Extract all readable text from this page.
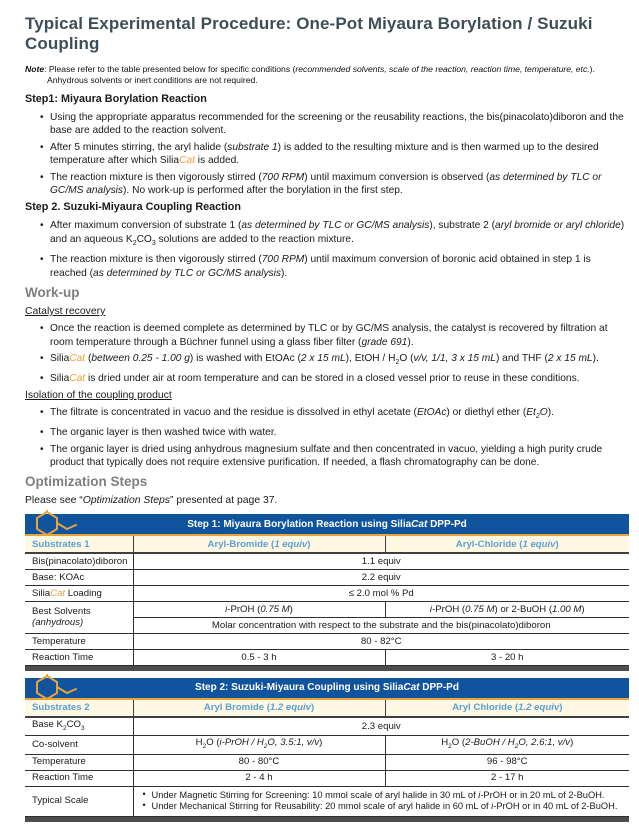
Typical Experimental Procedure: One-Pot Miyaura Borylation / Suzuki Coupling
Note: Please refer to the table presented below for specific conditions (recommended solvents, scale of the reaction, reaction time, temperature, etc.).
Anhydrous solvents or inert conditions are not required.
Step1: Miyaura Borylation Reaction
• Using the appropriate apparatus recommended for the screening or the reusability reactions, the bis(pinacolato)diboron and the base are added to the reaction solvent.
• After 5 minutes stirring, the aryl halide (substrate 1) is added to the resulting mixture and is then warmed up to the desired temperature after which SiliaCat is added.
• The reaction mixture is then vigorously stirred (700 RPM) until maximum conversion is observed (as determined by TLC or GC/MS analysis). No work-up is performed after the borylation in the first step.
Step 2. Suzuki-Miyaura Coupling Reaction
• After maximum conversion of substrate 1 (as determined by TLC or GC/MS analysis), substrate 2 (aryl bromide or aryl chloride) and an aqueous $K_2CO_3$ solutions are added to the reaction mixture.
• The reaction mixture is then vigorously stirred (700 RPM) until maximum conversion of boronic acid obtained in step 1 is reached (as determined by TLC or GC/MS analysis).
Work-up
Catalyst recovery
• Once the reaction is deemed complete as determined by TLC or by GC/MS analysis, the catalyst is recovered by filtration at room temperature through a Büchner funnel using a glass fiber filter (grade 691).
• SiliaCat (between 0.25 - 1.00 g) is washed with EtOAc (2 x 15 mL), EtOH / $H_2O$ (v/v, 1/1, 3 x 15 mL) and THF (2 x 15 mL).
• SiliaCat is dried under air at room temperature and can be stored in a closed vessel prior to reuse in these conditions.
Isolation of the coupling product
• The filtrate is concentrated in vacuo and the residue is dissolved in ethyl acetate (EtOAc) or diethyl ether $(Et_2O)$.
• The organic layer is then washed twice with water.
• The organic layer is dried using anhydrous magnesium sulfate and then concentrated in vacuo, yielding a high purity crude product that typically does not require extensive purification. If needed, a flash chromatography can be done.
Optimization Steps
Please see “Optimization Steps” presented at page 37.
Step 1: Miyaura Borylation Reaction using SiliaCat DPP-Pd		
Substrates 1	Aryl-Bromide (1 equiv)	Aryl-Chloride (1 equiv)
Bis(pinacolato)diboron	1.1 equiv	
Base: KOAc	2.2 equiv	
SiliaCat Loading	≤ 2.0 mol % Pd	
Best Solvents
(anhydrous)	i-PrOH (0.75 M)	i-PrOH (0.75 M) or 2-BuOH (1.00 M)
	Molar concentration with respect to the substrate and the bis(pinacolato)diboron	
Temperature	80 - 82°C	
Reaction Time	0.5 - 3 h	3 - 20 h
Step 2: Suzuki-Miyaura Coupling using SiliaCat DPP-Pd		
Substrates 2	Aryl Bromide (1.2 equiv)	Aryl Chloride (1.2 equiv)
Base $K_2CO_3$	2.3 equiv	
Co-solvent	$H_2O$ (i-PrOH / $H_2O$, 3.5:1, v/v)	$H_2O$ (2-BuOH / $H_2O$, 2.6:1, v/v)
Temperature	80 - 80°C	96 - 98°C
Reaction Time	2 - 4 h	2 - 17 h
Typical Scale	
• Under Magnetic Stirring for Screening: 10 mmol scale of aryl halide in 30 mL of i-PrOH or in 20 mL of 2-BuOH.
• Under Mechanical Stirring for Reusability: 20 mmol scale of aryl halide in 60 mL of i-PrOH or in 40 mL of 2-BuOH.
